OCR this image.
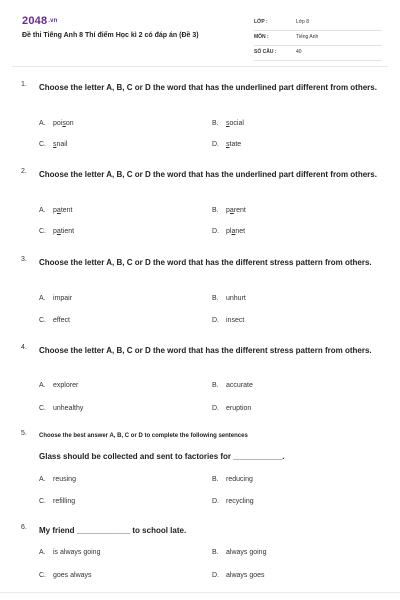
2048.vn
Đề thi Tiếng Anh 8 Thí điểm Học kì 2 có đáp án (Đề 3)
LỚP :	Lớp 8
MÔN :	Tiếng Anh
SỐ CÂU :	40
1. Choose the letter A, B, C or D the word that has the underlined part different from others.
A. poison	B. social
C. snail	D. state
2. Choose the letter A, B, C or D the word that has the underlined part different from others.
A. patent	B. parent
C. patient	D. planet
3. Choose the letter A, B, C or D the word that has the different stress pattern from others.
A. impair	B. unhurt
C. effect	D. insect
4. Choose the letter A, B, C or D the word that has the different stress pattern from others.
A. explorer	B. accurate
C. unhealthy	D. eruption
5. Choose the best answer A, B, C or D to complete the following sentences
Glass should be collected and sent to factories for ___________.
A. reusing	B. reducing
C. refilling	D. recycling
6. My friend ____________ to school late.
A. is always going	B. always going
C. goes always	D. always goes
